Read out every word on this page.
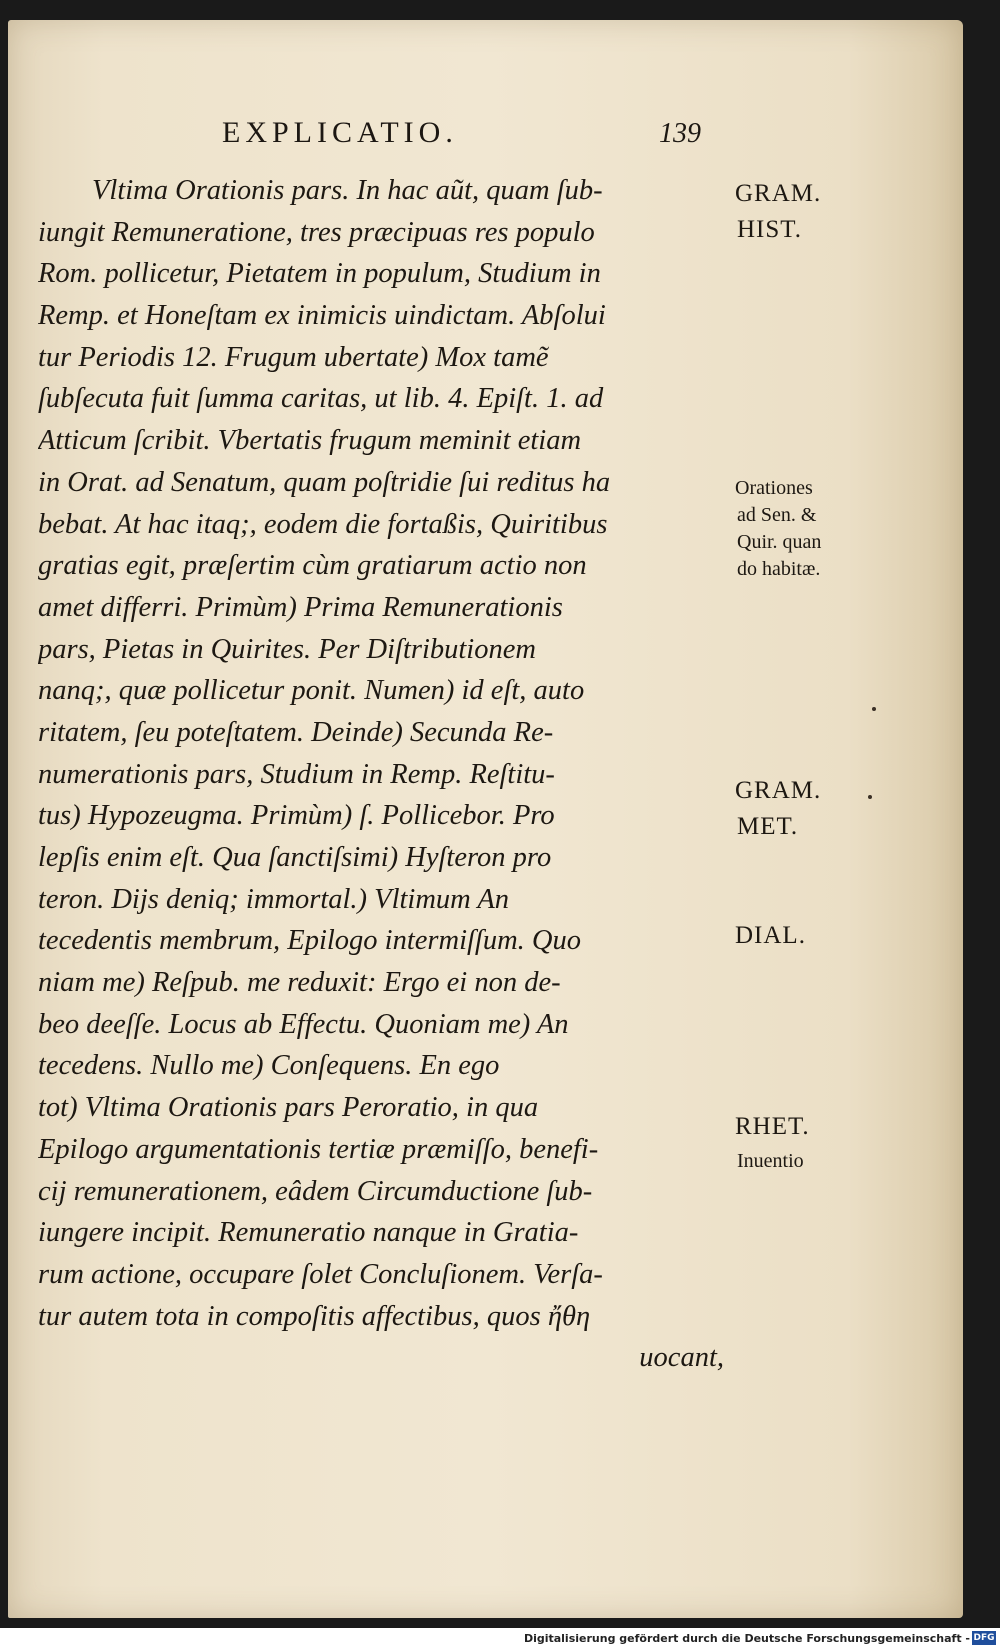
EXPLICATIO.	139
Vltima Orationis pars. In hac aũt, quam ſub-
iungit Remuneratione, tres præcipuas res populo
Rom. pollicetur, Pietatem in populum, Studium in
Remp. et Honeſtam ex inimicis uindictam. Abſolui
tur Periodis 12. Frugum ubertate) Mox tamẽ
ſubſecuta fuit ſumma caritas, ut lib. 4. Epiſt. 1. ad
Atticum ſcribit. Vbertatis frugum meminit etiam
in Orat. ad Senatum, quam poſtridie ſui reditus ha
bebat. At hac itaq;, eodem die fortaßis, Quiritibus
gratias egit, præſertim cùm gratiarum actio non
amet differri. Primùm) Prima Remunerationis
pars, Pietas in Quirites. Per Diſtributionem
nanq;, quæ pollicetur ponit. Numen) id eſt, auto
ritatem, ſeu poteſtatem. Deinde) Secunda Re-
numerationis pars, Studium in Remp. Reſtitu-
tus) Hypozeugma. Primùm) ſ. Pollicebor. Pro
lepſis enim eſt. Qua ſanctiſsimi) Hyſteron pro
teron. Dijs deniq; immortal.) Vltimum An
tecedentis membrum, Epilogo intermiſſum. Quo
niam me) Reſpub. me reduxit: Ergo ei non de-
beo deeſſe. Locus ab Effectu. Quoniam me) An
tecedens. Nullo me) Conſequens. En ego
tot) Vltima Orationis pars Peroratio, in qua
Epilogo argumentationis tertiæ præmiſſo, benefi-
cij remunerationem, eâdem Circumductione ſub-
iungere incipit. Remuneratio nanque in Gratia-
rum actione, occupare ſolet Concluſionem. Verſa-
tur autem tota in compoſitis affectibus, quos ἤθη
uocant,
GRAM.
HIST.
Orationes
ad Sen. &
Quir. quan
do habitæ.
GRAM.
MET.
DIAL.
RHET.
Inuentio
Digitalisierung gefördert durch die Deutsche Forschungsgemeinschaft - DFG
